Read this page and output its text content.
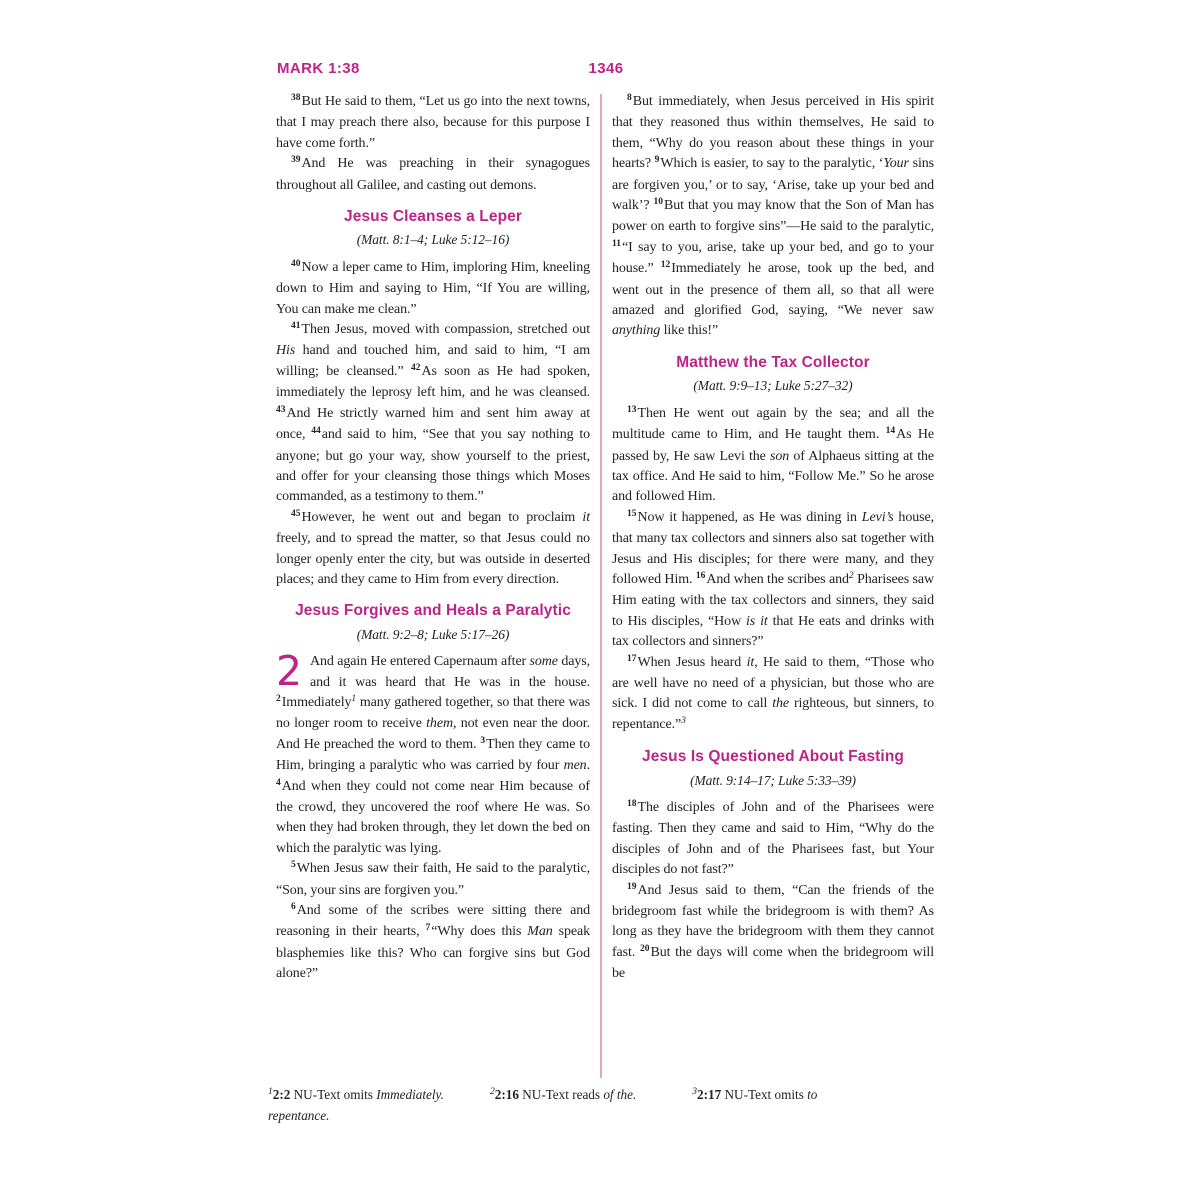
MARK 1:38	1346

$^{38}$But He said to them, “Let us go into the next towns, that I may preach there also, because for this purpose I have come forth.”

$^{39}$And He was preaching in their synagogues throughout all Galilee, and casting out demons.

Jesus Cleanses a Leper
(Matt. 8:1–4; Luke 5:12–16)

$^{40}$Now a leper came to Him, imploring Him, kneeling down to Him and saying to Him, “If You are willing, You can make me clean.”

$^{41}$Then Jesus, moved with compassion, stretched out His hand and touched him, and said to him, “I am willing; be cleansed.” $^{42}$As soon as He had spoken, immediately the leprosy left him, and he was cleansed. $^{43}$And He strictly warned him and sent him away at once, $^{44}$and said to him, “See that you say nothing to anyone; but go your way, show yourself to the priest, and offer for your cleansing those things which Moses commanded, as a testimony to them.”

$^{45}$However, he went out and began to proclaim it freely, and to spread the matter, so that Jesus could no longer openly enter the city, but was outside in deserted places; and they came to Him from every direction.

Jesus Forgives and Heals a Paralytic
(Matt. 9:2–8; Luke 5:17–26)

2 And again He entered Capernaum after some days, and it was heard that He was in the house. $^2$Immediately$^1$ many gathered together, so that there was no longer room to receive them, not even near the door. And He preached the word to them. $^3$Then they came to Him, bringing a paralytic who was carried by four men. $^4$And when they could not come near Him because of the crowd, they uncovered the roof where He was. So when they had broken through, they let down the bed on which the paralytic was lying.

$^5$When Jesus saw their faith, He said to the paralytic, “Son, your sins are forgiven you.”

$^6$And some of the scribes were sitting there and reasoning in their hearts, $^7$“Why does this Man speak blasphemies like this? Who can forgive sins but God alone?”

$^8$But immediately, when Jesus perceived in His spirit that they reasoned thus within themselves, He said to them, “Why do you reason about these things in your hearts? $^9$Which is easier, to say to the paralytic, ‘Your sins are forgiven you,’ or to say, ‘Arise, take up your bed and walk’? $^{10}$But that you may know that the Son of Man has power on earth to forgive sins”—He said to the paralytic, $^{11}$“I say to you, arise, take up your bed, and go to your house.” $^{12}$Immediately he arose, took up the bed, and went out in the presence of them all, so that all were amazed and glorified God, saying, “We never saw anything like this!”

Matthew the Tax Collector
(Matt. 9:9–13; Luke 5:27–32)

$^{13}$Then He went out again by the sea; and all the multitude came to Him, and He taught them. $^{14}$As He passed by, He saw Levi the son of Alphaeus sitting at the tax office. And He said to him, “Follow Me.” So he arose and followed Him.

$^{15}$Now it happened, as He was dining in Levi’s house, that many tax collectors and sinners also sat together with Jesus and His disciples; for there were many, and they followed Him. $^{16}$And when the scribes and$^2$ Pharisees saw Him eating with the tax collectors and sinners, they said to His disciples, “How is it that He eats and drinks with tax collectors and sinners?”

$^{17}$When Jesus heard it, He said to them, “Those who are well have no need of a physician, but those who are sick. I did not come to call the righteous, but sinners, to repentance.”$^3$

Jesus Is Questioned About Fasting
(Matt. 9:14–17; Luke 5:33–39)

$^{18}$The disciples of John and of the Pharisees were fasting. Then they came and said to Him, “Why do the disciples of John and of the Pharisees fast, but Your disciples do not fast?”

$^{19}$And Jesus said to them, “Can the friends of the bridegroom fast while the bridegroom is with them? As long as they have the bridegroom with them they cannot fast. $^{20}$But the days will come when the bridegroom will be

$^1$2:2 NU-Text omits Immediately.	$^2$2:16 NU-Text reads of the.	$^3$2:17 NU-Text omits to
repentance.
